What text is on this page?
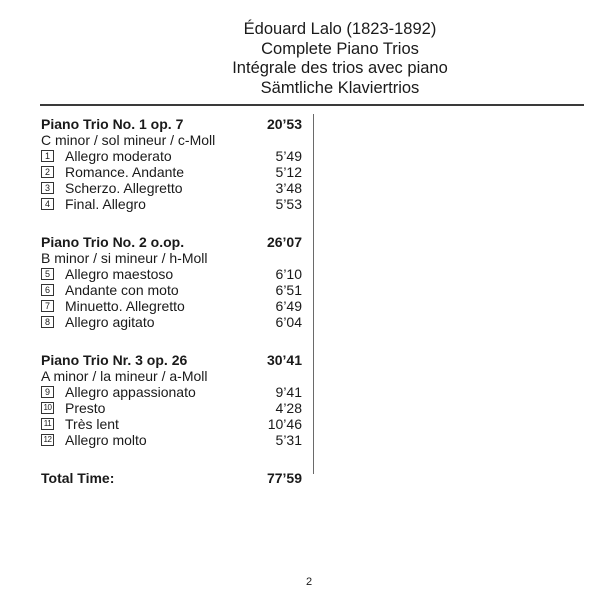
Édouard Lalo (1823-1892)
Complete Piano Trios
Intégrale des trios avec piano
Sämtliche Klaviertrios
Piano Trio No. 1 op. 7	20’53
C minor / sol mineur / c-Moll
1 Allegro moderato	5’49
2 Romance. Andante	5’12
3 Scherzo. Allegretto	3’48
4 Final. Allegro	5’53
Piano Trio No. 2 o.op.	26’07
B minor / si mineur / h-Moll
5 Allegro maestoso	6’10
6 Andante con moto	6’51
7 Minuetto. Allegretto	6’49
8 Allegro agitato	6’04
Piano Trio Nr. 3 op. 26	30’41
A minor / la mineur / a-Moll
9 Allegro appassionato	9’41
10 Presto	4’28
11 Très lent	10’46
12 Allegro molto	5’31
Total Time:	77’59
2
